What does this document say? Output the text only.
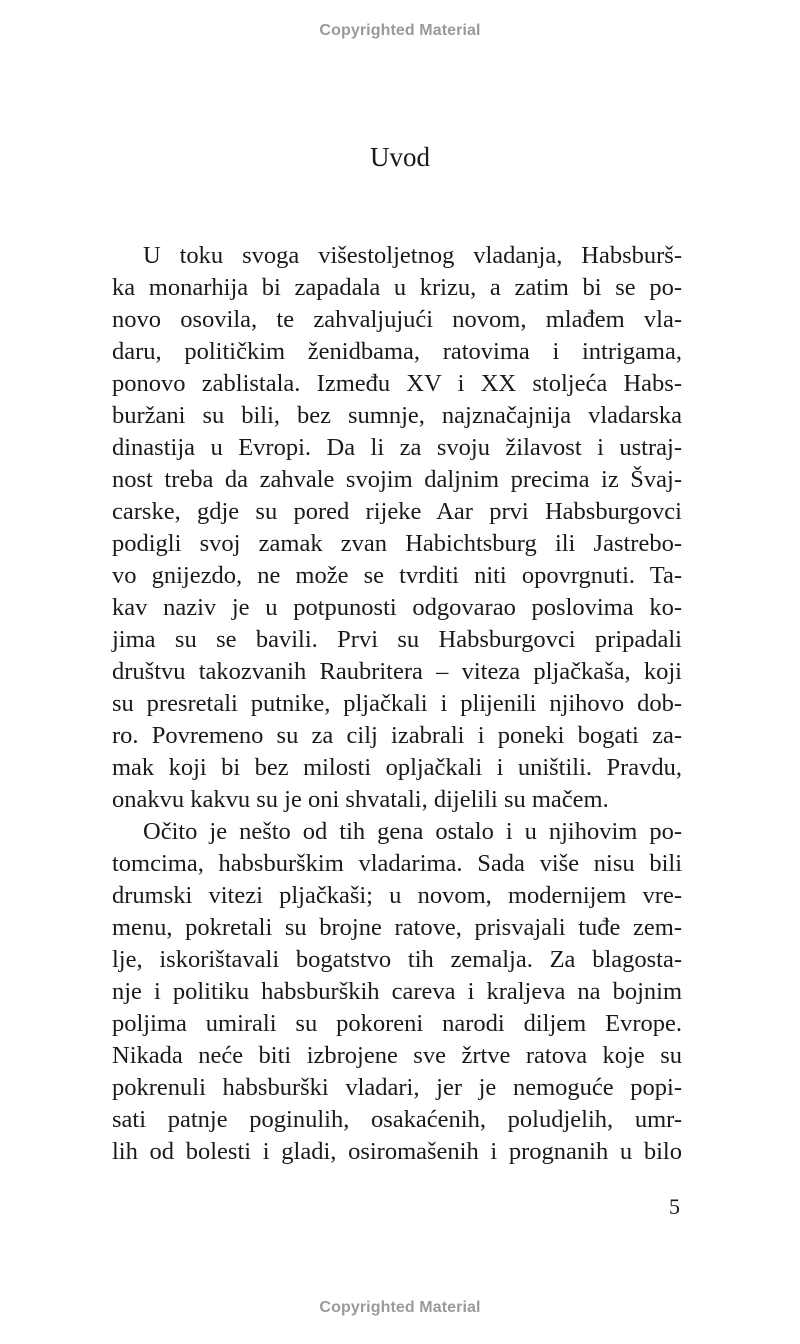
Copyrighted Material
Uvod
U toku svoga višestoljetnog vladanja, Habsburš-
ka monarhija bi zapadala u krizu, a zatim bi se po-
novo osovila, te zahvaljujući novom, mlađem vla-
daru, političkim ženidbama, ratovima i intrigama,
ponovo zablistala. Između XV i XX stoljeća Habs-
buržani su bili, bez sumnje, najznačajnija vladarska
dinastija u Evropi. Da li za svoju žilavost i ustraj-
nost treba da zahvale svojim daljnim precima iz Švaj-
carske, gdje su pored rijeke Aar prvi Habsburgovci
podigli svoj zamak zvan Habichtsburg ili Jastrebo-
vo gnijezdo, ne može se tvrditi niti opovrgnuti. Ta-
kav naziv je u potpunosti odgovarao poslovima ko-
jima su se bavili. Prvi su Habsburgovci pripadali
društvu takozvanih Raubritera – viteza pljačkaša, koji
su presretali putnike, pljačkali i plijenili njihovo dob-
ro. Povremeno su za cilj izabrali i poneki bogati za-
mak koji bi bez milosti opljačkali i uništili. Pravdu,
onakvu kakvu su je oni shvatali, dijelili su mačem.
Očito je nešto od tih gena ostalo i u njihovim po-
tomcima, habsburškim vladarima. Sada više nisu bili
drumski vitezi pljačkaši; u novom, modernijem vre-
menu, pokretali su brojne ratove, prisvajali tuđe zem-
lje, iskorištavali bogatstvo tih zemalja. Za blagosta-
nje i politiku habsburških careva i kraljeva na bojnim
poljima umirali su pokoreni narodi diljem Evrope.
Nikada neće biti izbrojene sve žrtve ratova koje su
pokrenuli habsburški vladari, jer je nemoguće popi-
sati patnje poginulih, osakaćenih, poludjelih, umr-
lih od bolesti i gladi, osiromašenih i prognanih u bilo
5
Copyrighted Material
